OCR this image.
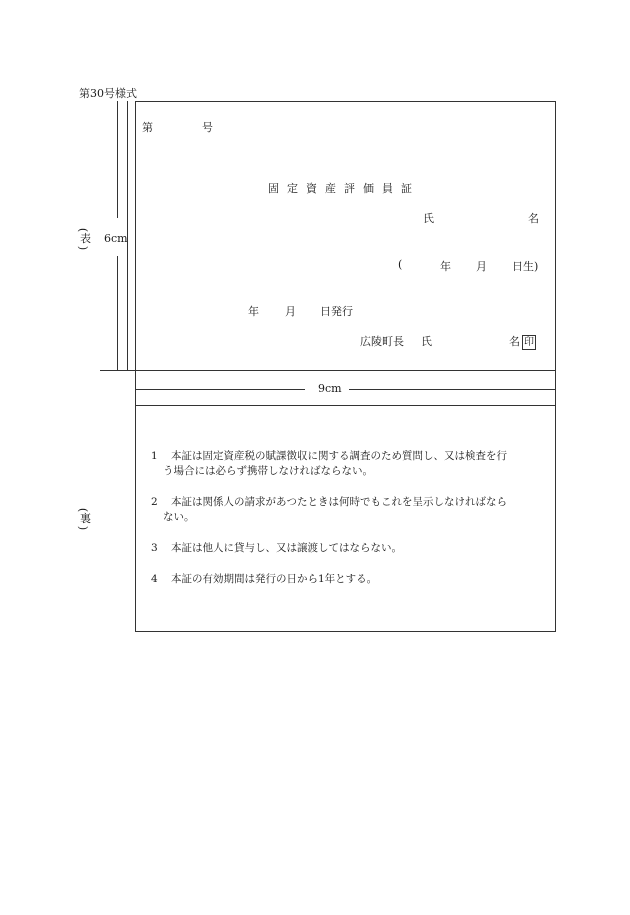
第30号様式
(
表
)
6cm
第	号
固定資産評価員証
氏	名
(	年 月 日生)
年 月 日発行
広陵町長 氏	名 印
9cm
(
裏
)
1 本証は固定資産税の賦課徴収に関する調査のため質問し、又は検査を行
う場合には必らず携帯しなければならない。
2 本証は関係人の請求があつたときは何時でもこれを呈示しなければなら
ない。
3 本証は他人に貸与し、又は譲渡してはならない。
4 本証の有効期間は発行の日から1年とする。
